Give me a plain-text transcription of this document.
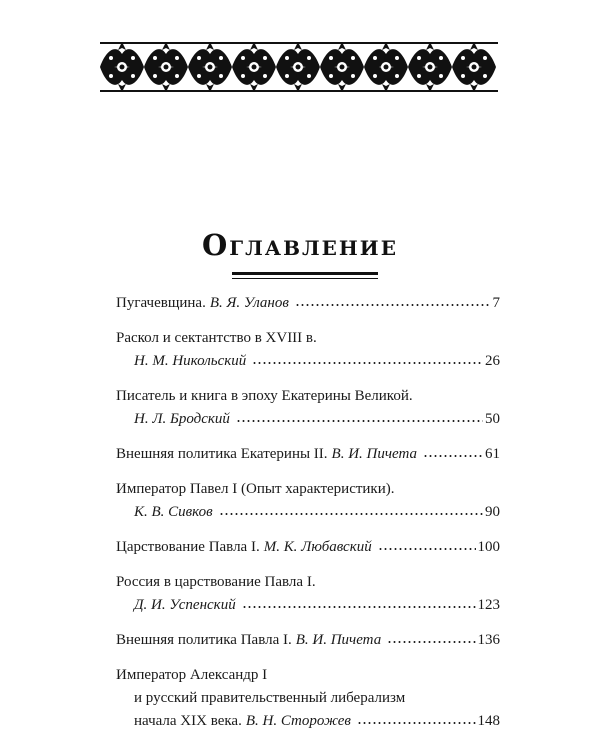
Оглавление
Пугачевщина. В. Я. Уланов	7
Раскол и сектантство в XVIII в.
Н. М. Никольский	26
Писатель и книга в эпоху Екатерины Великой.
Н. Л. Бродский	50
Внешняя политика Екатерины II. В. И. Пичета	61
Император Павел I (Опыт характеристики).
К. В. Сивков	90
Царствование Павла I. М. К. Любавский	100
Россия в царствование Павла I.
Д. И. Успенский	123
Внешняя политика Павла I. В. И. Пичета	136
Император Александр I
и русский правительственный либерализм
начала XIX века. В. Н. Сторожев	148
